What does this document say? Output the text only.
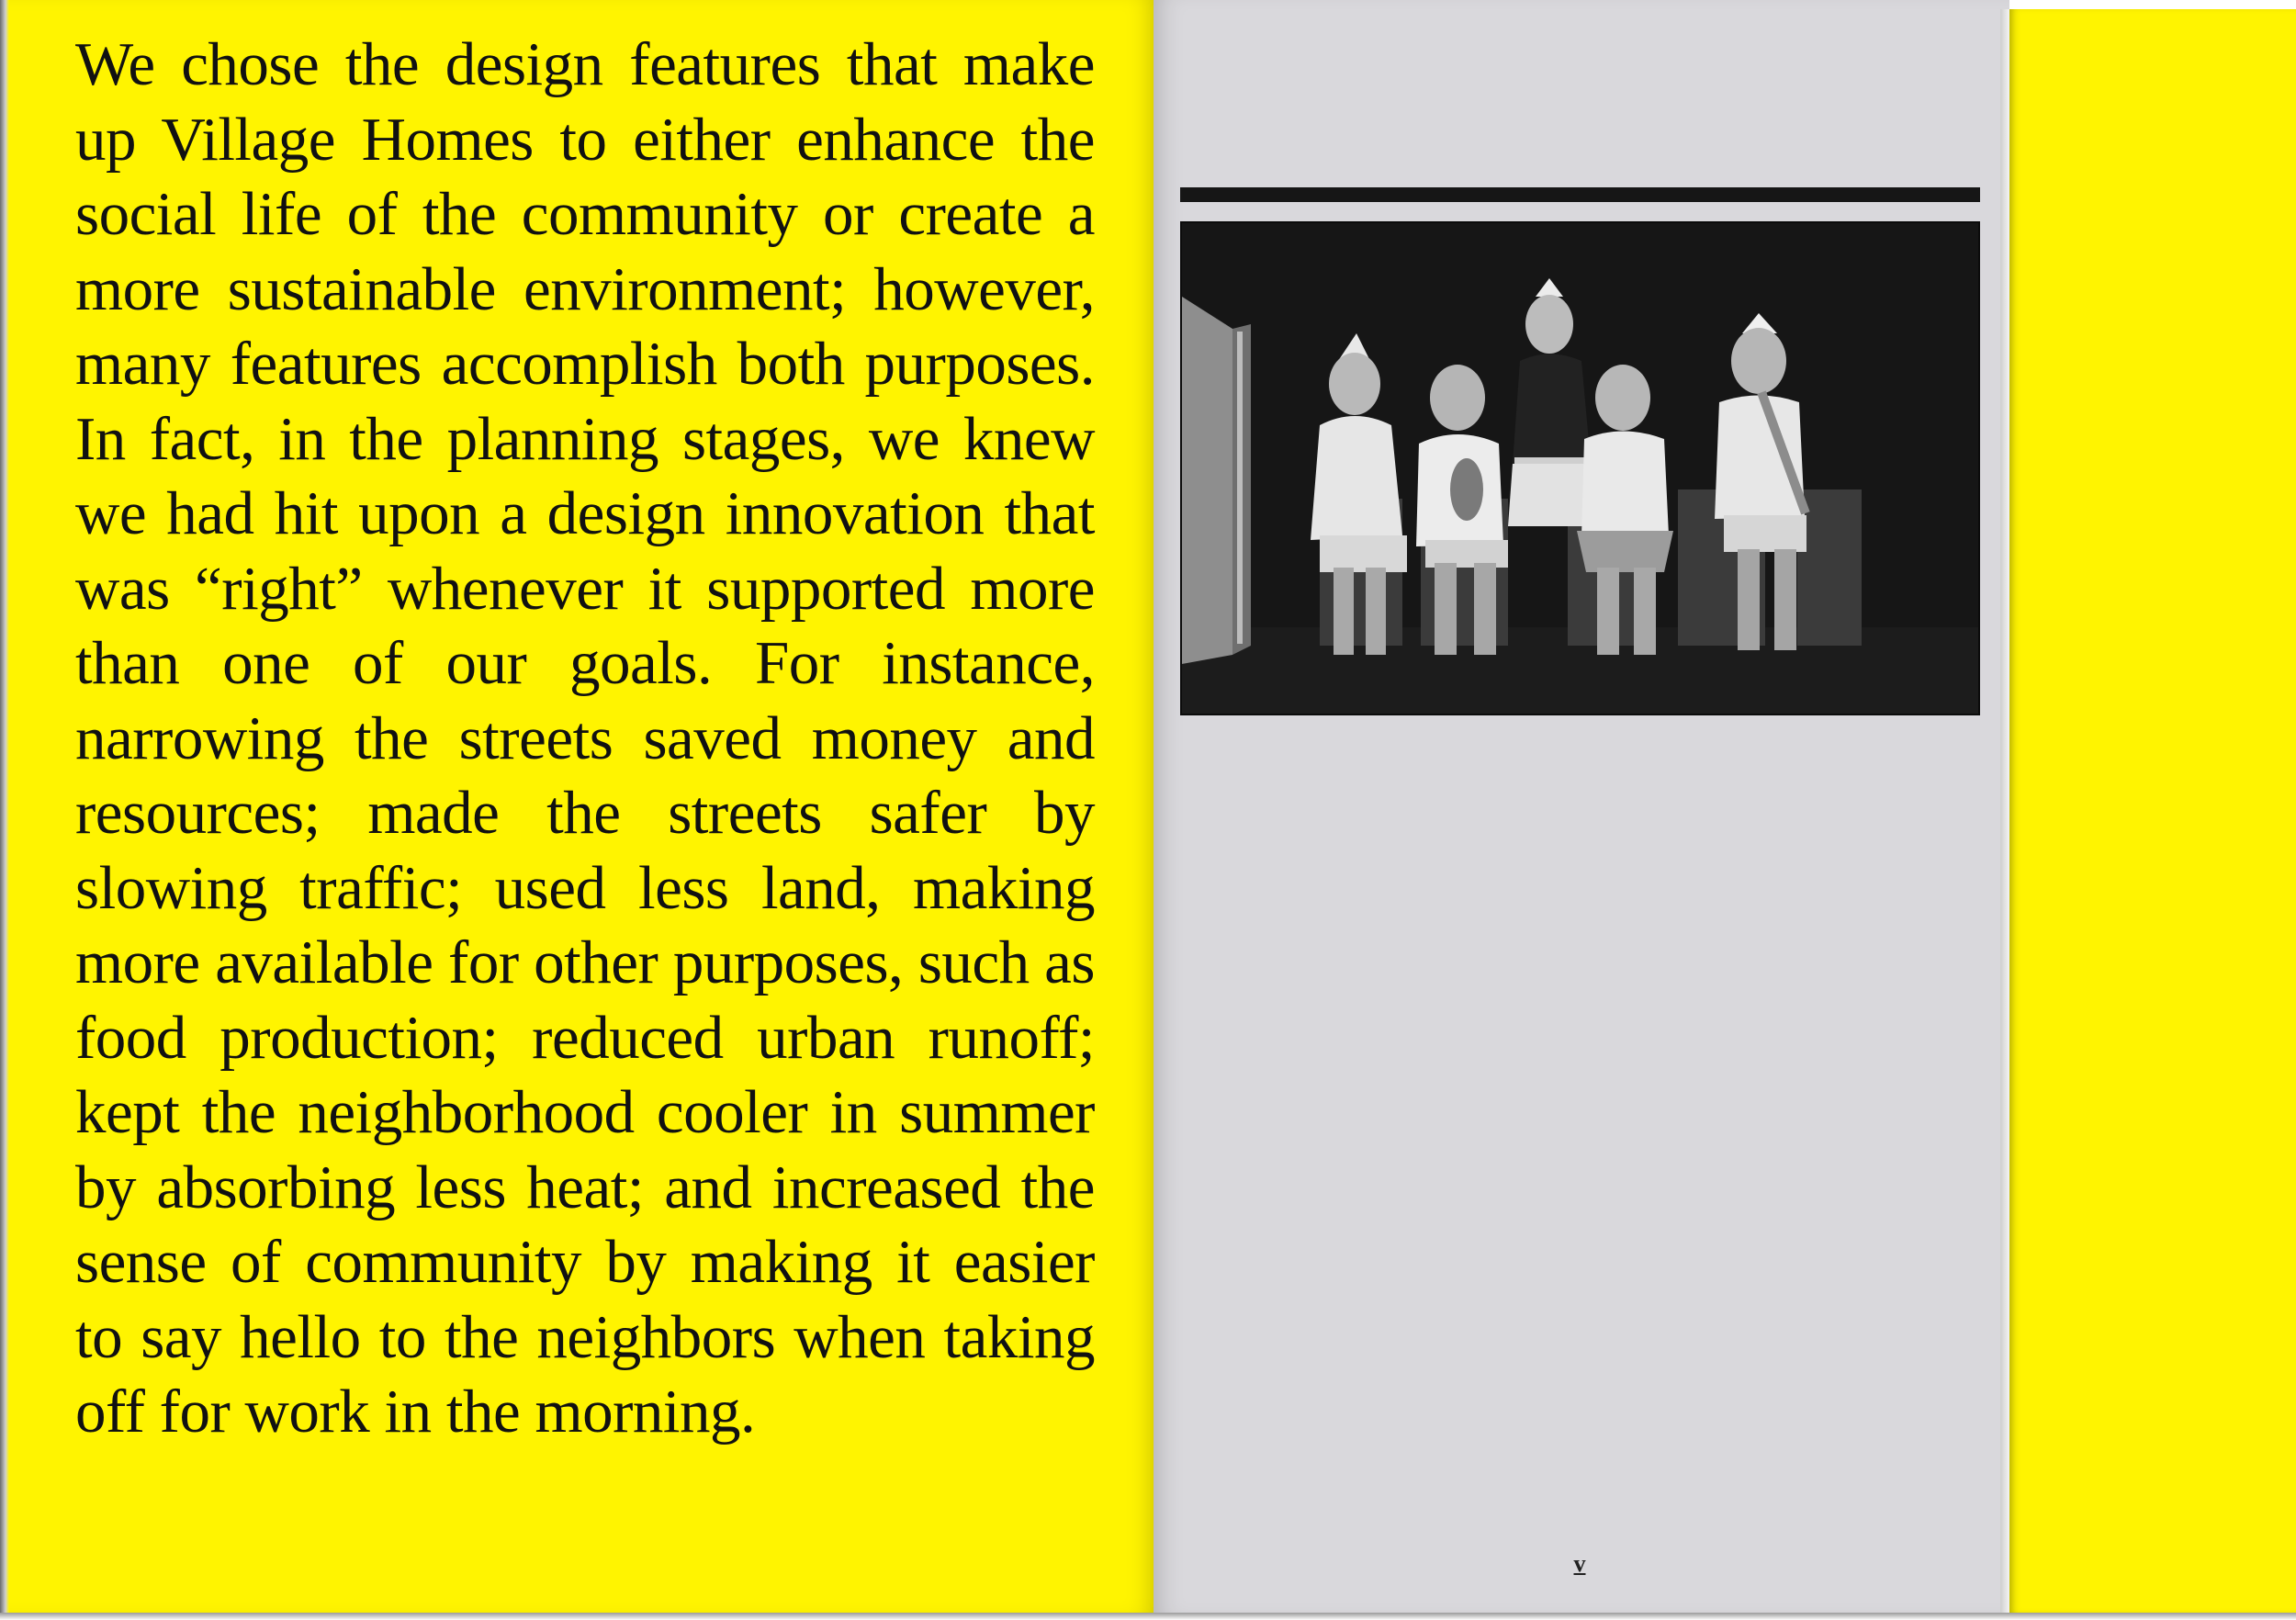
We chose the design features that make up Village Homes to either enhance the social life of the community or create a more sustainable environment; however, many features accomplish both purposes. In fact, in the planning stages, we knew we had hit upon a design innovation that was “right” whenever it supported more than one of our goals. For instance, narrowing the streets saved money and resources; made the streets safer by slowing traffic; used less land, making more available for other purposes, such as food production; reduced urban runoff; kept the neighborhood cooler in summer by absorbing less heat; and increased the sense of community by making it easier to say hello to the neighbors when taking off for work in the morning.

v
